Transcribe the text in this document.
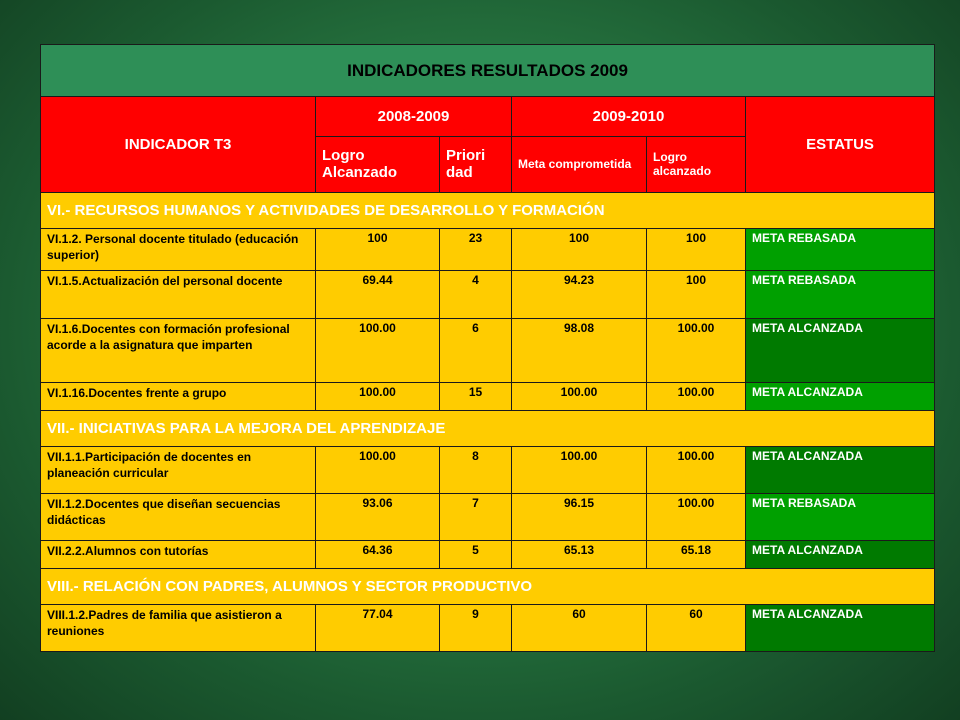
INDICADORES RESULTADOS 2009					
INDICADOR T3	2008-2009		2009-2010		ESTATUS
	Logro Alcanzado	Priori dad	Meta comprometida	Logro alcanzado	
VI.- RECURSOS HUMANOS Y ACTIVIDADES DE DESARROLLO Y FORMACIÓN					
VI.1.2. Personal docente titulado (educación superior)	100	23	100	100	META REBASADA
VI.1.5.Actualización del personal docente	69.44	4	94.23	100	META REBASADA
VI.1.6.Docentes con formación profesional acorde a la asignatura que imparten	100.00	6	98.08	100.00	META ALCANZADA
VI.1.16.Docentes frente a grupo	100.00	15	100.00	100.00	META ALCANZADA
VII.- INICIATIVAS PARA LA MEJORA DEL APRENDIZAJE					
VII.1.1.Participación de docentes en planeación curricular	100.00	8	100.00	100.00	META ALCANZADA
VII.1.2.Docentes que diseñan secuencias didácticas	93.06	7	96.15	100.00	META REBASADA
VII.2.2.Alumnos con tutorías	64.36	5	65.13	65.18	META ALCANZADA
VIII.- RELACIÓN CON PADRES, ALUMNOS Y SECTOR PRODUCTIVO					
VIII.1.2.Padres de familia que asistieron a reuniones	77.04	9	60	60	META ALCANZADA
